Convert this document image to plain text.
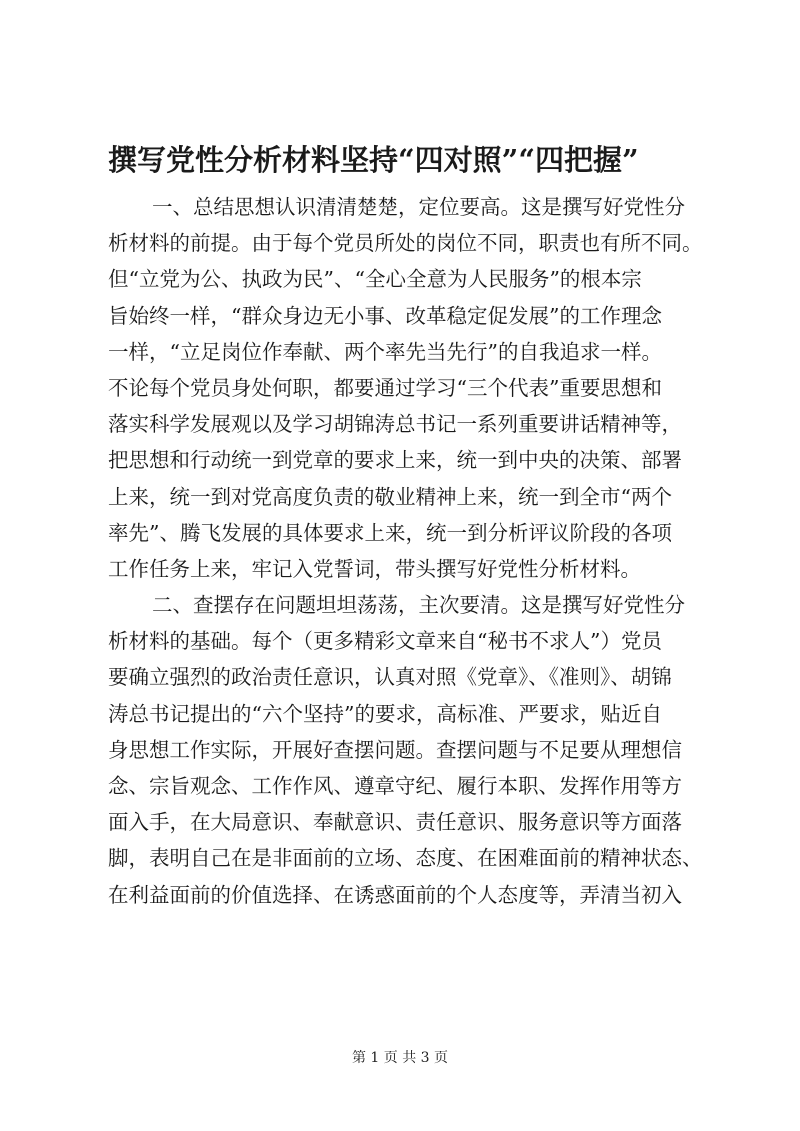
撰写党性分析材料坚持“四对照”“四把握”
一、总结思想认识清清楚楚，定位要高。这是撰写好党性分
析材料的前提。由于每个党员所处的岗位不同，职责也有所不同。
但“立党为公、执政为民”、“全心全意为人民服务”的根本宗
旨始终一样，“群众身边无小事、改革稳定促发展”的工作理念
一样，“立足岗位作奉献、两个率先当先行”的自我追求一样。
不论每个党员身处何职，都要通过学习“三个代表”重要思想和
落实科学发展观以及学习胡锦涛总书记一系列重要讲话精神等，
把思想和行动统一到党章的要求上来，统一到中央的决策、部署
上来，统一到对党高度负责的敬业精神上来，统一到全市“两个
率先”、腾飞发展的具体要求上来，统一到分析评议阶段的各项
工作任务上来，牢记入党誓词，带头撰写好党性分析材料。
二、查摆存在问题坦坦荡荡，主次要清。这是撰写好党性分
析材料的基础。每个（更多精彩文章来自“秘书不求人”）党员
要确立强烈的政治责任意识，认真对照《党章》、《准则》、胡锦
涛总书记提出的“六个坚持”的要求，高标准、严要求，贴近自
身思想工作实际，开展好查摆问题。查摆问题与不足要从理想信
念、宗旨观念、工作作风、遵章守纪、履行本职、发挥作用等方
面入手，在大局意识、奉献意识、责任意识、服务意识等方面落
脚，表明自己在是非面前的立场、态度、在困难面前的精神状态、
在利益面前的价值选择、在诱惑面前的个人态度等，弄清当初入
第 1 页 共 3 页
